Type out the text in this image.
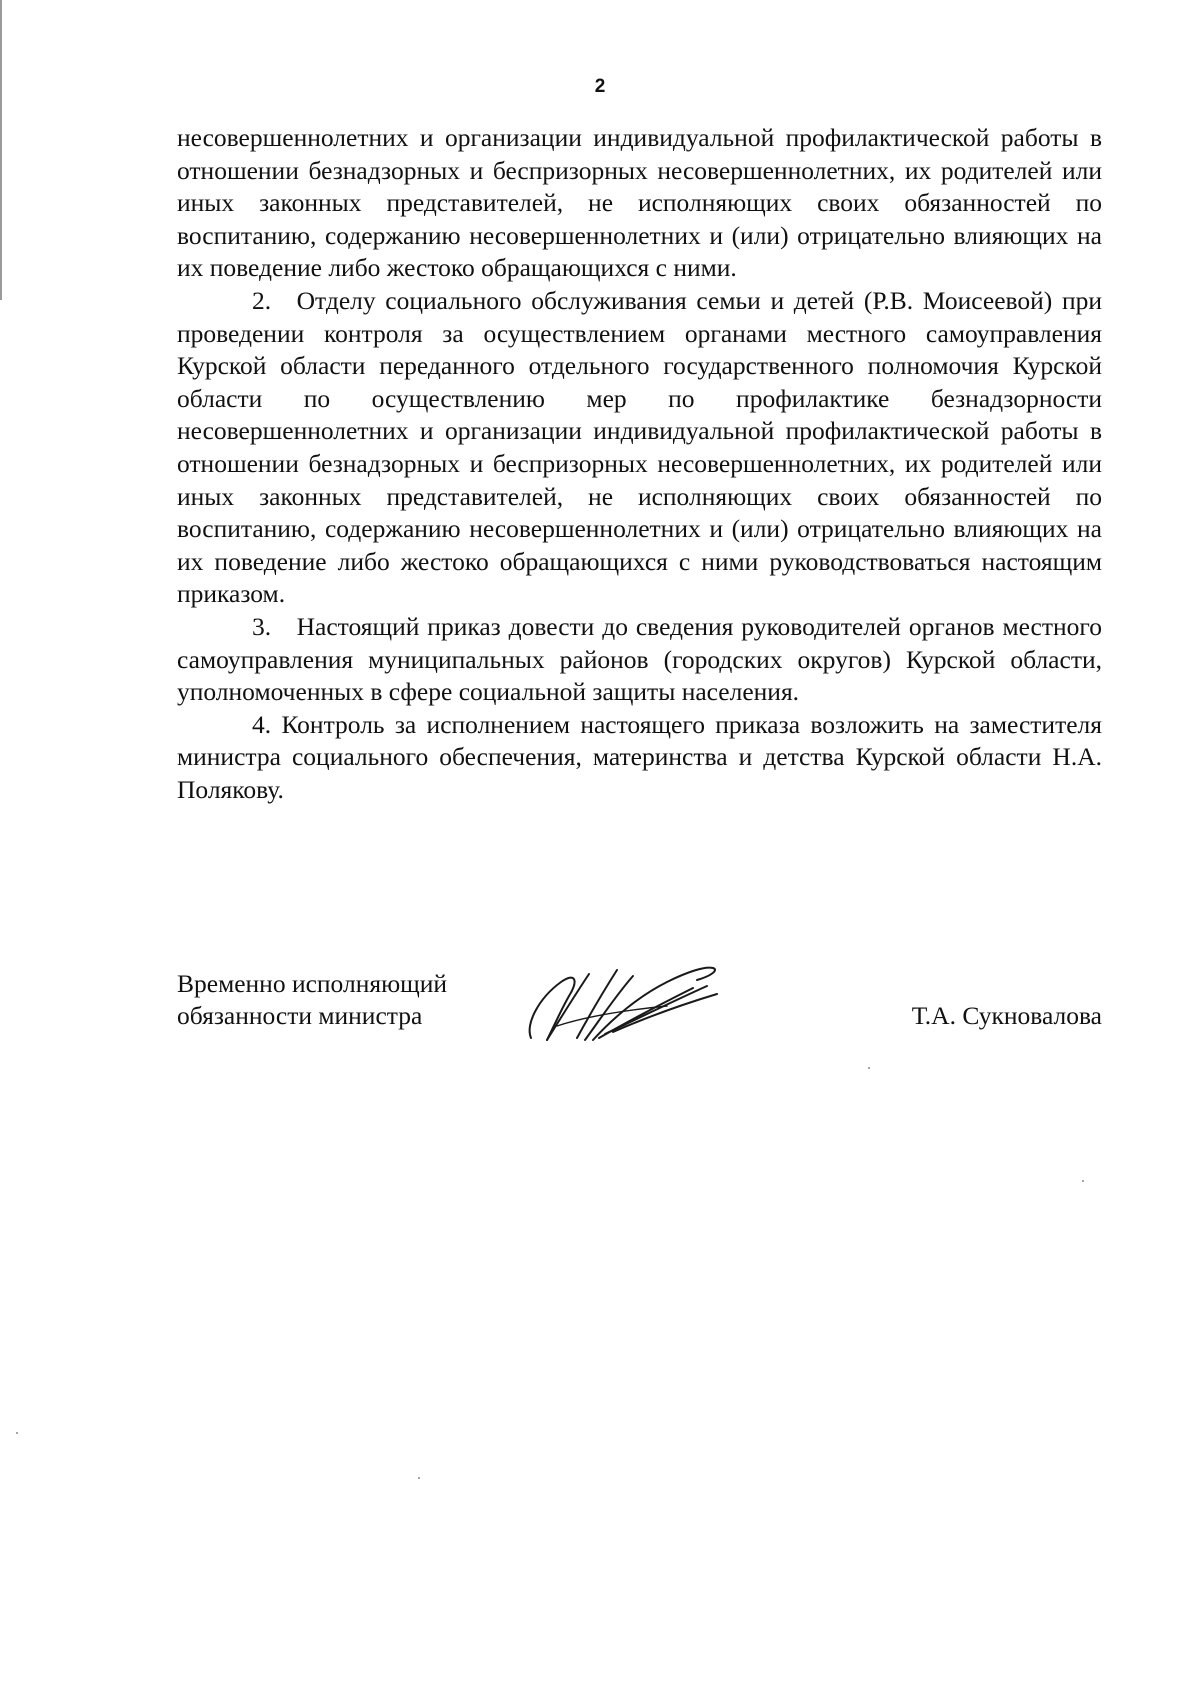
2

несовершеннолетних и организации индивидуальной профилактической работы в отношении безнадзорных и беспризорных несовершеннолетних, их родителей или иных законных представителей, не исполняющих своих обязанностей по воспитанию, содержанию несовершеннолетних и (или) отрицательно влияющих на их поведение либо жестоко обращающихся с ними.

2. Отделу социального обслуживания семьи и детей (Р.В. Моисеевой) при проведении контроля за осуществлением органами местного самоуправления Курской области переданного отдельного государственного полномочия Курской области по осуществлению мер по профилактике безнадзорности несовершеннолетних и организации индивидуальной профилактической работы в отношении безнадзорных и беспризорных несовершеннолетних, их родителей или иных законных представителей, не исполняющих своих обязанностей по воспитанию, содержанию несовершеннолетних и (или) отрицательно влияющих на их поведение либо жестоко обращающихся с ними руководствоваться настоящим приказом.

3. Настоящий приказ довести до сведения руководителей органов местного самоуправления муниципальных районов (городских округов) Курской области, уполномоченных в сфере социальной защиты населения.

4. Контроль за исполнением настоящего приказа возложить на заместителя министра социального обеспечения, материнства и детства Курской области Н.А. Полякову.

Временно исполняющий
обязанности министра	Т.А. Сукновалова
